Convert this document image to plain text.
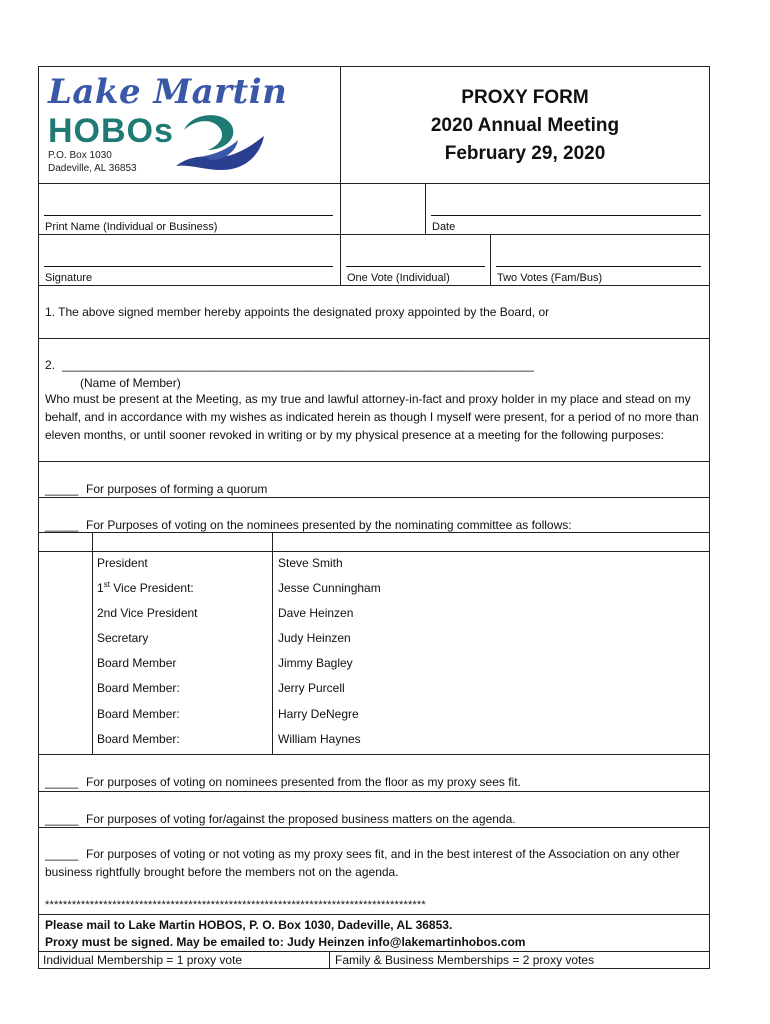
Lake Martin
HOBOs
P.O. Box 1030
Dadeville, AL 36853
PROXY FORM
2020 Annual Meeting
February 29, 2020
Print Name (Individual or Business)	Date
Signature	One Vote (Individual)	Two Votes (Fam/Bus)
1. The above signed member hereby appoints the designated proxy appointed by the Board, or
2. __________________________________________________________________________
(Name of Member)
Who must be present at the Meeting, as my true and lawful attorney-in-fact and proxy holder in my place and stead on my behalf, and in accordance with my wishes as indicated herein as though I myself were present, for a period of no more than eleven months, or until sooner revoked in writing or by my physical presence at a meeting for the following purposes:
_____ For purposes of forming a quorum
_____ For Purposes of voting on the nominees presented by the nominating committee as follows:
President	Steve Smith
1st Vice President:	Jesse Cunningham
2nd Vice President	Dave Heinzen
Secretary	Judy Heinzen
Board Member	Jimmy Bagley
Board Member:	Jerry Purcell
Board Member:	Harry DeNegre
Board Member:	William Haynes
_____ For purposes of voting on nominees presented from the floor as my proxy sees fit.
_____ For purposes of voting for/against the proposed business matters on the agenda.
_____ For purposes of voting or not voting as my proxy sees fit, and in the best interest of the Association on any other business rightfully brought before the members not on the agenda.
*************************************************************************************
Please mail to Lake Martin HOBOS, P. O. Box 1030, Dadeville, AL 36853.
Proxy must be signed. May be emailed to: Judy Heinzen info@lakemartinhobos.com
Individual Membership = 1 proxy vote	Family & Business Memberships = 2 proxy votes
